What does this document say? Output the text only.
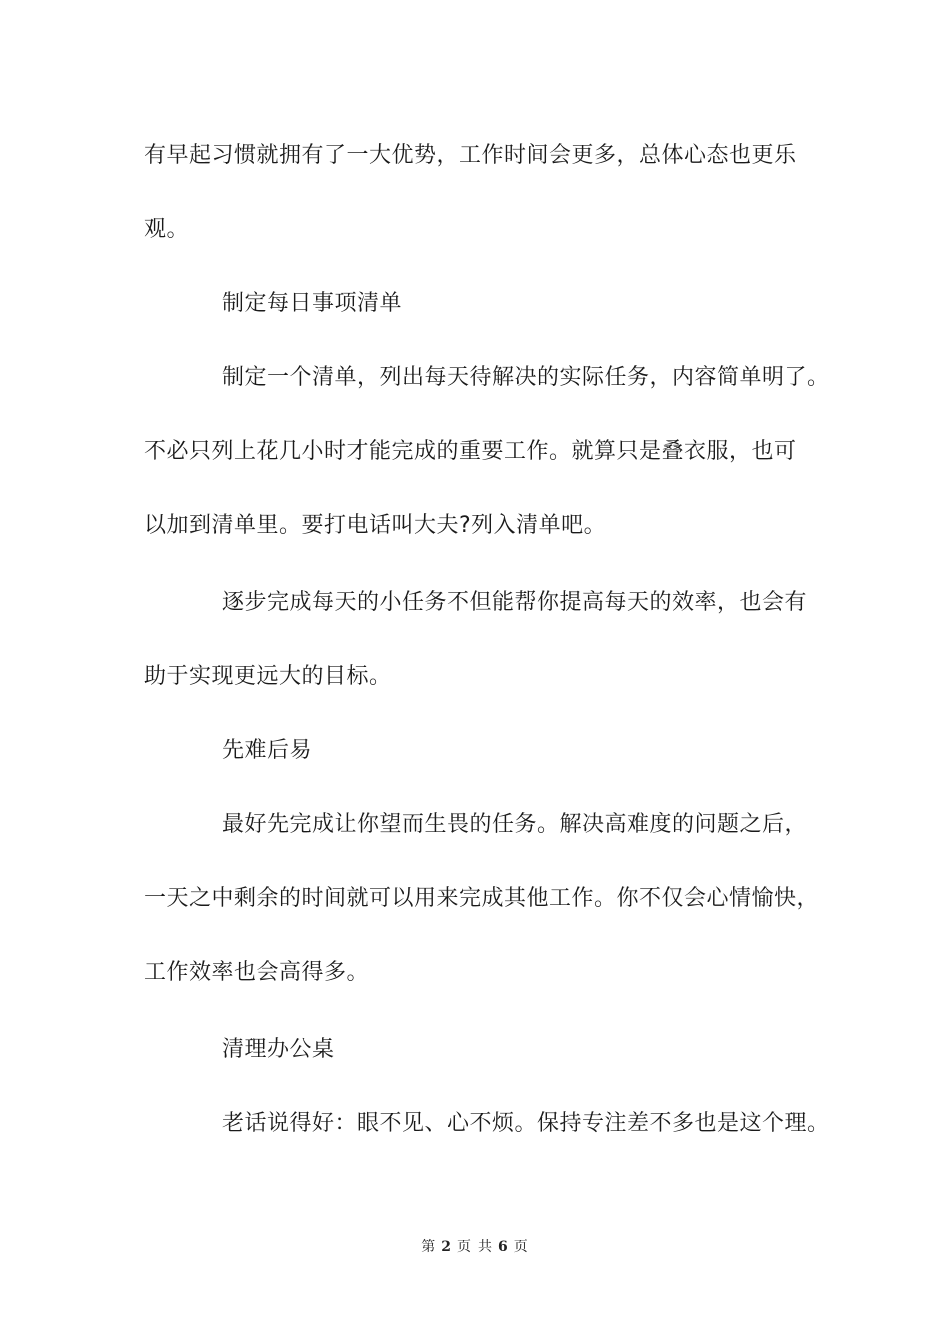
有早起习惯就拥有了一大优势，工作时间会更多，总体心态也更乐
观。
制定每日事项清单
制定一个清单，列出每天待解决的实际任务，内容简单明了。
不必只列上花几小时才能完成的重要工作。就算只是叠衣服，也可
以加到清单里。要打电话叫大夫?列入清单吧。
逐步完成每天的小任务不但能帮你提高每天的效率，也会有
助于实现更远大的目标。
先难后易
最好先完成让你望而生畏的任务。解决高难度的问题之后，
一天之中剩余的时间就可以用来完成其他工作。你不仅会心情愉快，
工作效率也会高得多。
清理办公桌
老话说得好：眼不见、心不烦。保持专注差不多也是这个理。
第 2 页 共 6 页
